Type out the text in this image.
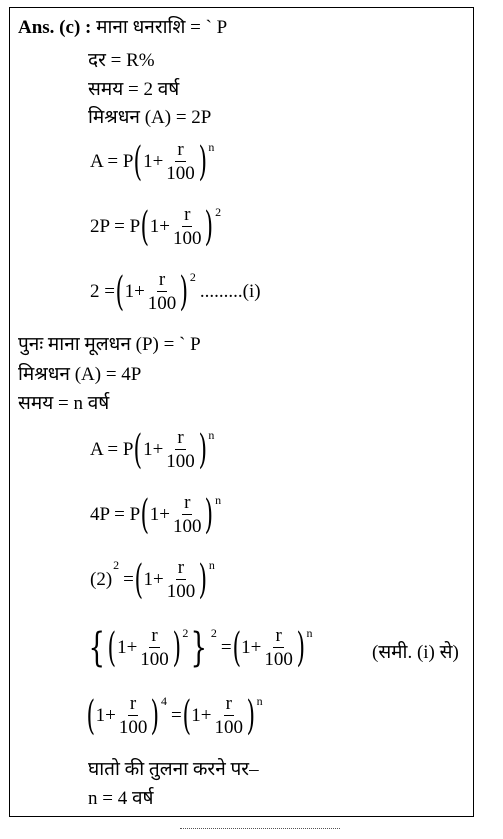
Ans. (c) : माना धनराशि = ` P
दर = R%
समय = 2 वर्ष
मिश्रधन (A) = 2P
A = P ( $1+ \frac{r}{100} )^n$
2P = P ( $1+ \frac{r}{100} )^2$
2 = ( $1+ \frac{r}{100} )^2$
.........(i)
पुनः माना मूलधन (P) = ` P
मिश्रधन (A) = 4P
समय = n वर्ष
A = P ( $1+ \frac{r}{100} )^n$
4P = P ( $1+ \frac{r}{100} )^n$
(2)
$^2$
= ( $1+ \frac{r}{100} )^n$
{ ( $1+ \frac{r}{100} )^2$ } $^2$
= ( $1+ \frac{r}{100} )^n$
(समी. (i) से)
( $1+ \frac{r}{100} )^4$
= ( $1+ \frac{r}{100} )^n$
घातो की तुलना करने पर–
n = 4 वर्ष
